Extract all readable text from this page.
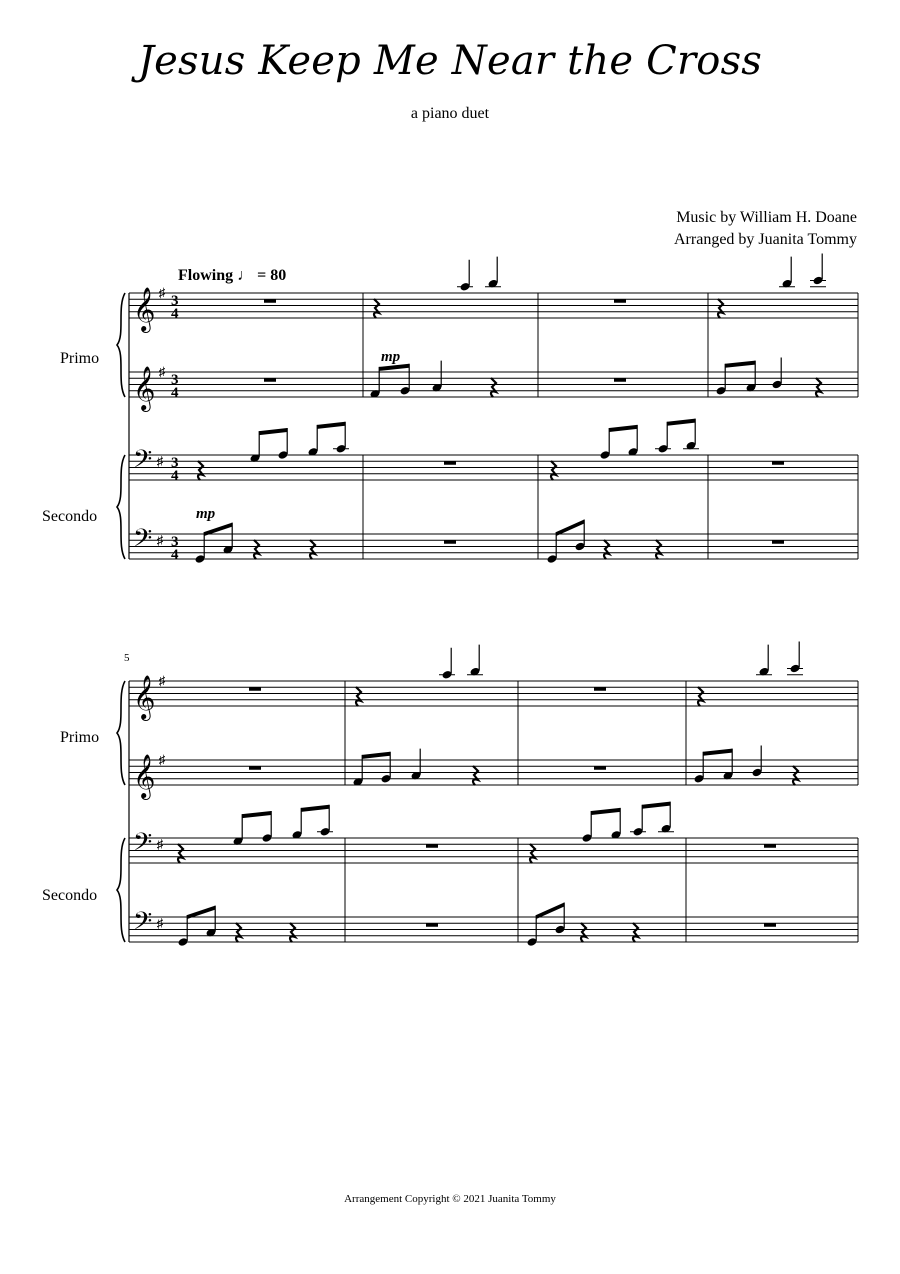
Jesus Keep Me Near the Cross
a piano duet
Music by William H. Doane
Arranged by Juanita Tommy
Flowing ♩ = 80
Primo
Secondo
Primo
Secondo
mp
mp
5
𝄞 ♯
3
4
𝄞 ♯
3
4
𝄢 ♯ 3
4
𝄢 ♯ 3
4
𝄞 ♯
𝄞 ♯
𝄢 ♯
𝄢 ♯
Arrangement Copyright © 2021 Juanita Tommy
